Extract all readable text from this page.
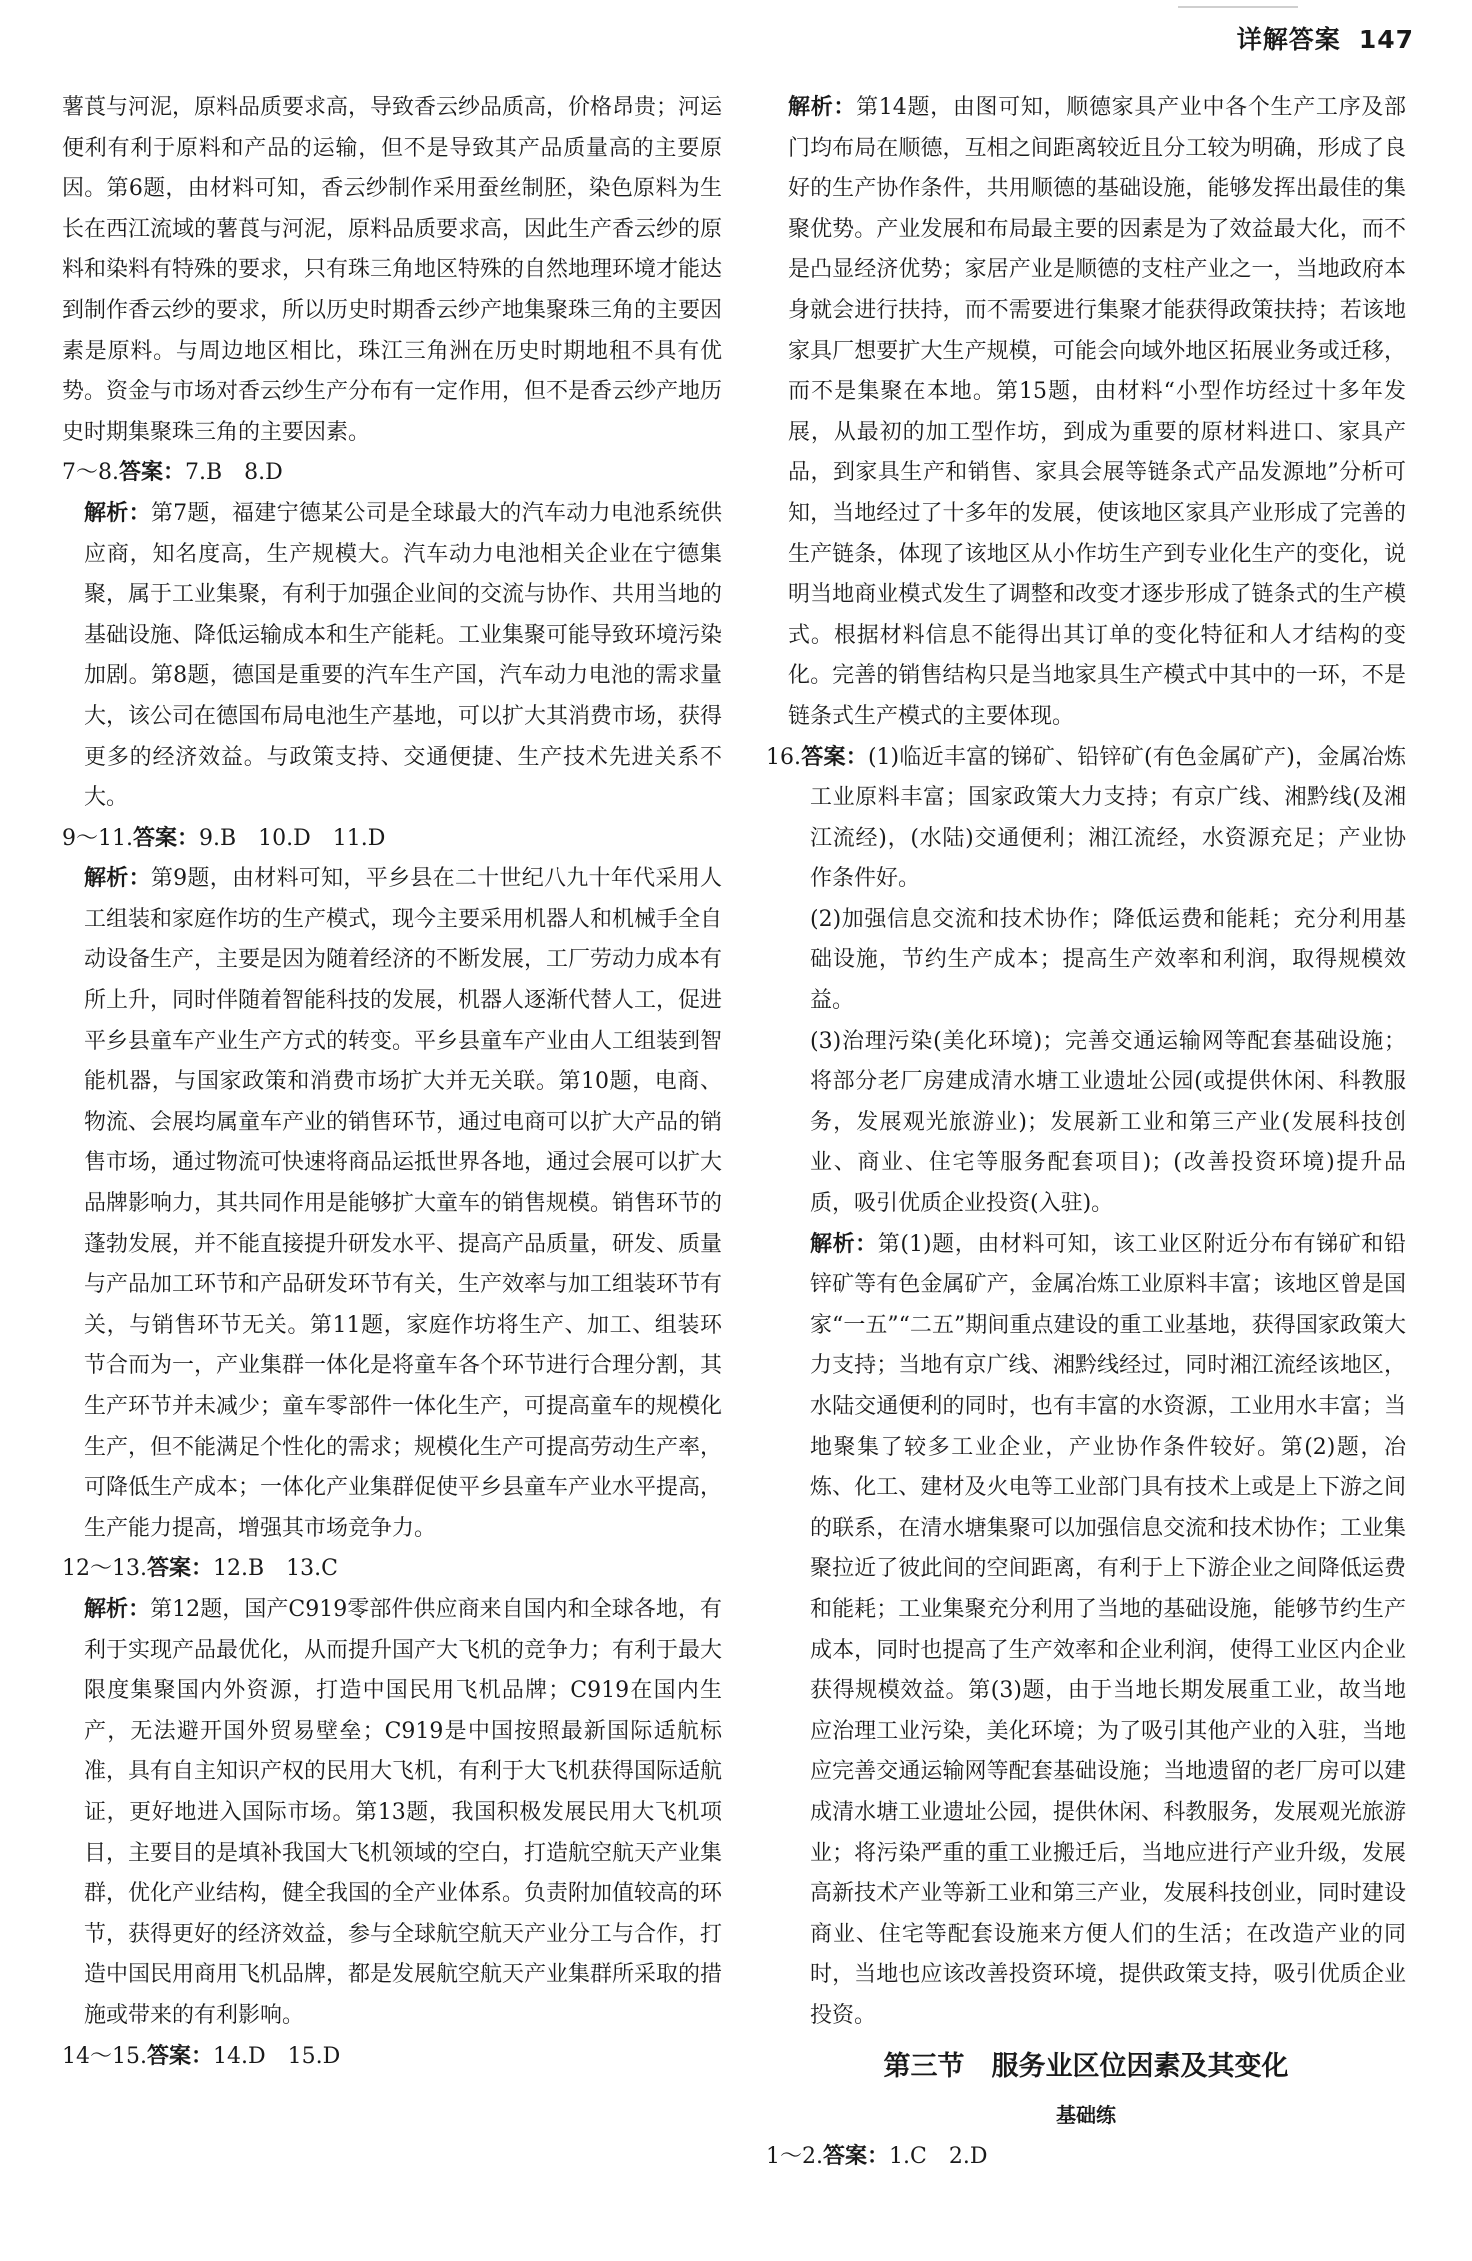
详解答案 147

薯莨与河泥，原料品质要求高，导致香云纱品质高，价格昂贵；河运便利有利于原料和产品的运输，但不是导致其产品质量高的主要原因。第6题，由材料可知，香云纱制作采用蚕丝制胚，染色原料为生长在西江流域的薯莨与河泥，原料品质要求高，因此生产香云纱的原料和染料有特殊的要求，只有珠三角地区特殊的自然地理环境才能达到制作香云纱的要求，所以历史时期香云纱产地集聚珠三角的主要因素是原料。与周边地区相比，珠江三角洲在历史时期地租不具有优势。资金与市场对香云纱生产分布有一定作用，但不是香云纱产地历史时期集聚珠三角的主要因素。

7～8.答案：7.B　8.D

解析：第7题，福建宁德某公司是全球最大的汽车动力电池系统供应商，知名度高，生产规模大。汽车动力电池相关企业在宁德集聚，属于工业集聚，有利于加强企业间的交流与协作、共用当地的基础设施、降低运输成本和生产能耗。工业集聚可能导致环境污染加剧。第8题，德国是重要的汽车生产国，汽车动力电池的需求量大，该公司在德国布局电池生产基地，可以扩大其消费市场，获得更多的经济效益。与政策支持、交通便捷、生产技术先进关系不大。

9～11.答案：9.B　10.D　11.D

解析：第9题，由材料可知，平乡县在二十世纪八九十年代采用人工组装和家庭作坊的生产模式，现今主要采用机器人和机械手全自动设备生产，主要是因为随着经济的不断发展，工厂劳动力成本有所上升，同时伴随着智能科技的发展，机器人逐渐代替人工，促进平乡县童车产业生产方式的转变。平乡县童车产业由人工组装到智能机器，与国家政策和消费市场扩大并无关联。第10题，电商、物流、会展均属童车产业的销售环节，通过电商可以扩大产品的销售市场，通过物流可快速将商品运抵世界各地，通过会展可以扩大品牌影响力，其共同作用是能够扩大童车的销售规模。销售环节的蓬勃发展，并不能直接提升研发水平、提高产品质量，研发、质量与产品加工环节和产品研发环节有关，生产效率与加工组装环节有关，与销售环节无关。第11题，家庭作坊将生产、加工、组装环节合而为一，产业集群一体化是将童车各个环节进行合理分割，其生产环节并未减少；童车零部件一体化生产，可提高童车的规模化生产，但不能满足个性化的需求；规模化生产可提高劳动生产率，可降低生产成本；一体化产业集群促使平乡县童车产业水平提高，生产能力提高，增强其市场竞争力。

12～13.答案：12.B　13.C

解析：第12题，国产C919零部件供应商来自国内和全球各地，有利于实现产品最优化，从而提升国产大飞机的竞争力；有利于最大限度集聚国内外资源，打造中国民用飞机品牌；C919在国内生产，无法避开国外贸易壁垒；C919是中国按照最新国际适航标准，具有自主知识产权的民用大飞机，有利于大飞机获得国际适航证，更好地进入国际市场。第13题，我国积极发展民用大飞机项目，主要目的是填补我国大飞机领域的空白，打造航空航天产业集群，优化产业结构，健全我国的全产业体系。负责附加值较高的环节，获得更好的经济效益，参与全球航空航天产业分工与合作，打造中国民用商用飞机品牌，都是发展航空航天产业集群所采取的措施或带来的有利影响。

14～15.答案：14.D　15.D

解析：第14题，由图可知，顺德家具产业中各个生产工序及部门均布局在顺德，互相之间距离较近且分工较为明确，形成了良好的生产协作条件，共用顺德的基础设施，能够发挥出最佳的集聚优势。产业发展和布局最主要的因素是为了效益最大化，而不是凸显经济优势；家居产业是顺德的支柱产业之一，当地政府本身就会进行扶持，而不需要进行集聚才能获得政策扶持；若该地家具厂想要扩大生产规模，可能会向域外地区拓展业务或迁移，而不是集聚在本地。第15题，由材料“小型作坊经过十多年发展，从最初的加工型作坊，到成为重要的原材料进口、家具产品，到家具生产和销售、家具会展等链条式产品发源地”分析可知，当地经过了十多年的发展，使该地区家具产业形成了完善的生产链条，体现了该地区从小作坊生产到专业化生产的变化，说明当地商业模式发生了调整和改变才逐步形成了链条式的生产模式。根据材料信息不能得出其订单的变化特征和人才结构的变化。完善的销售结构只是当地家具生产模式中其中的一环，不是链条式生产模式的主要体现。

16.答案：(1)临近丰富的锑矿、铅锌矿(有色金属矿产)，金属冶炼工业原料丰富；国家政策大力支持；有京广线、湘黔线(及湘江流经)，(水陆)交通便利；湘江流经，水资源充足；产业协作条件好。

(2)加强信息交流和技术协作；降低运费和能耗；充分利用基础设施，节约生产成本；提高生产效率和利润，取得规模效益。

(3)治理污染(美化环境)；完善交通运输网等配套基础设施；将部分老厂房建成清水塘工业遗址公园(或提供休闲、科教服务，发展观光旅游业)；发展新工业和第三产业(发展科技创业、商业、住宅等服务配套项目)；(改善投资环境)提升品质，吸引优质企业投资(入驻)。

解析：第(1)题，由材料可知，该工业区附近分布有锑矿和铅锌矿等有色金属矿产，金属冶炼工业原料丰富；该地区曾是国家“一五”“二五”期间重点建设的重工业基地，获得国家政策大力支持；当地有京广线、湘黔线经过，同时湘江流经该地区，水陆交通便利的同时，也有丰富的水资源，工业用水丰富；当地聚集了较多工业企业，产业协作条件较好。第(2)题，冶炼、化工、建材及火电等工业部门具有技术上或是上下游之间的联系，在清水塘集聚可以加强信息交流和技术协作；工业集聚拉近了彼此间的空间距离，有利于上下游企业之间降低运费和能耗；工业集聚充分利用了当地的基础设施，能够节约生产成本，同时也提高了生产效率和企业利润，使得工业区内企业获得规模效益。第(3)题，由于当地长期发展重工业，故当地应治理工业污染，美化环境；为了吸引其他产业的入驻，当地应完善交通运输网等配套基础设施；当地遗留的老厂房可以建成清水塘工业遗址公园，提供休闲、科教服务，发展观光旅游业；将污染严重的重工业搬迁后，当地应进行产业升级，发展高新技术产业等新工业和第三产业，发展科技创业，同时建设商业、住宅等配套设施来方便人们的生活；在改造产业的同时，当地也应该改善投资环境，提供政策支持，吸引优质企业投资。

第三节　服务业区位因素及其变化
基础练

1～2.答案：1.C　2.D
